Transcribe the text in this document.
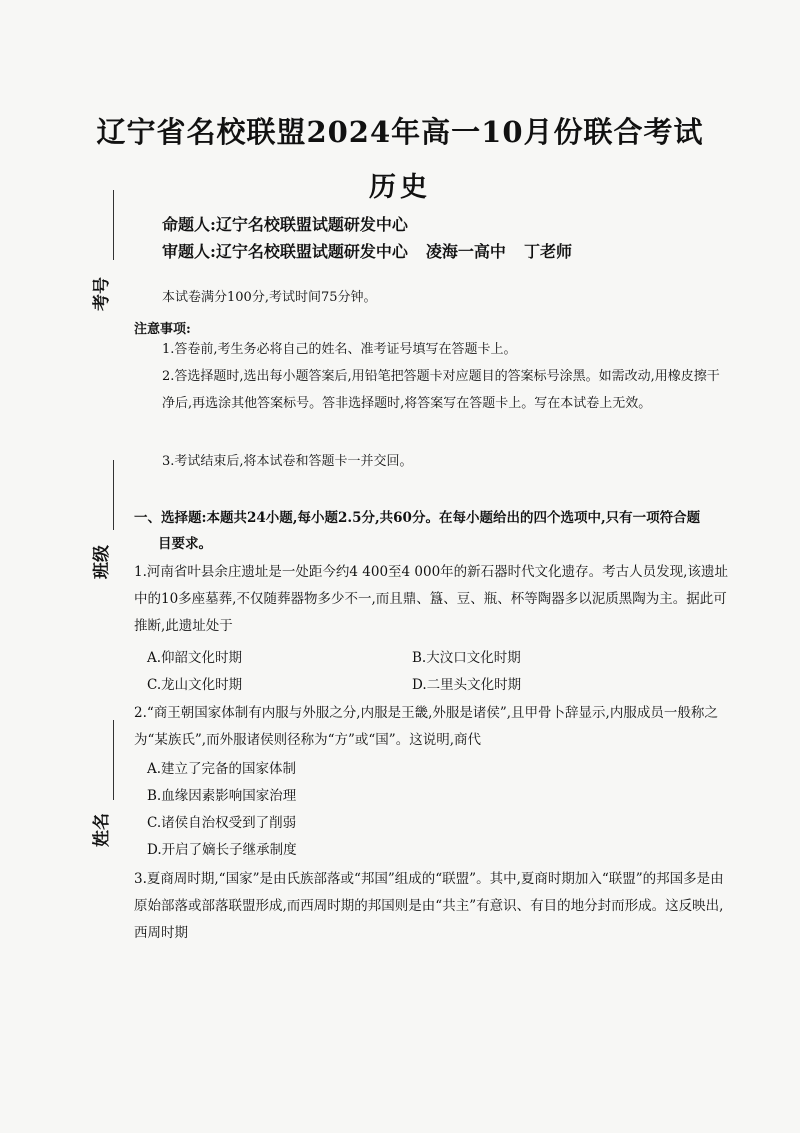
考号
班级
姓名
辽宁省名校联盟2024年高一10月份联合考试
历史
命题人:辽宁名校联盟试题研发中心
审题人:辽宁名校联盟试题研发中心 凌海一高中 丁老师
本试卷满分100分,考试时间75分钟。
注意事项:
1.答卷前,考生务必将自己的姓名、准考证号填写在答题卡上。
2.答选择题时,选出每小题答案后,用铅笔把答题卡对应题目的答案标号涂黑。如需改动,用橡皮擦干净后,再选涂其他答案标号。答非选择题时,将答案写在答题卡上。写在本试卷上无效。
3.考试结束后,将本试卷和答题卡一并交回。
一、选择题:本题共24小题,每小题2.5分,共60分。在每小题给出的四个选项中,只有一项符合题
目要求。
1.河南省叶县余庄遗址是一处距今约4 400至4 000年的新石器时代文化遗存。考古人员发现,该遗址中的10多座墓葬,不仅随葬器物多少不一,而且鼎、簋、豆、瓶、杯等陶器多以泥质黑陶为主。据此可推断,此遗址处于
A.仰韶文化时期	B.大汶口文化时期
C.龙山文化时期	D.二里头文化时期
2.“商王朝国家体制有内服与外服之分,内服是王畿,外服是诸侯”,且甲骨卜辞显示,内服成员一般称之为“某族氏”,而外服诸侯则径称为“方”或“国”。这说明,商代
A.建立了完备的国家体制
B.血缘因素影响国家治理
C.诸侯自治权受到了削弱
D.开启了嫡长子继承制度
3.夏商周时期,“国家”是由氏族部落或“邦国”组成的“联盟”。其中,夏商时期加入“联盟”的邦国多是由原始部落或部落联盟形成,而西周时期的邦国则是由“共主”有意识、有目的地分封而形成。这反映出,西周时期
